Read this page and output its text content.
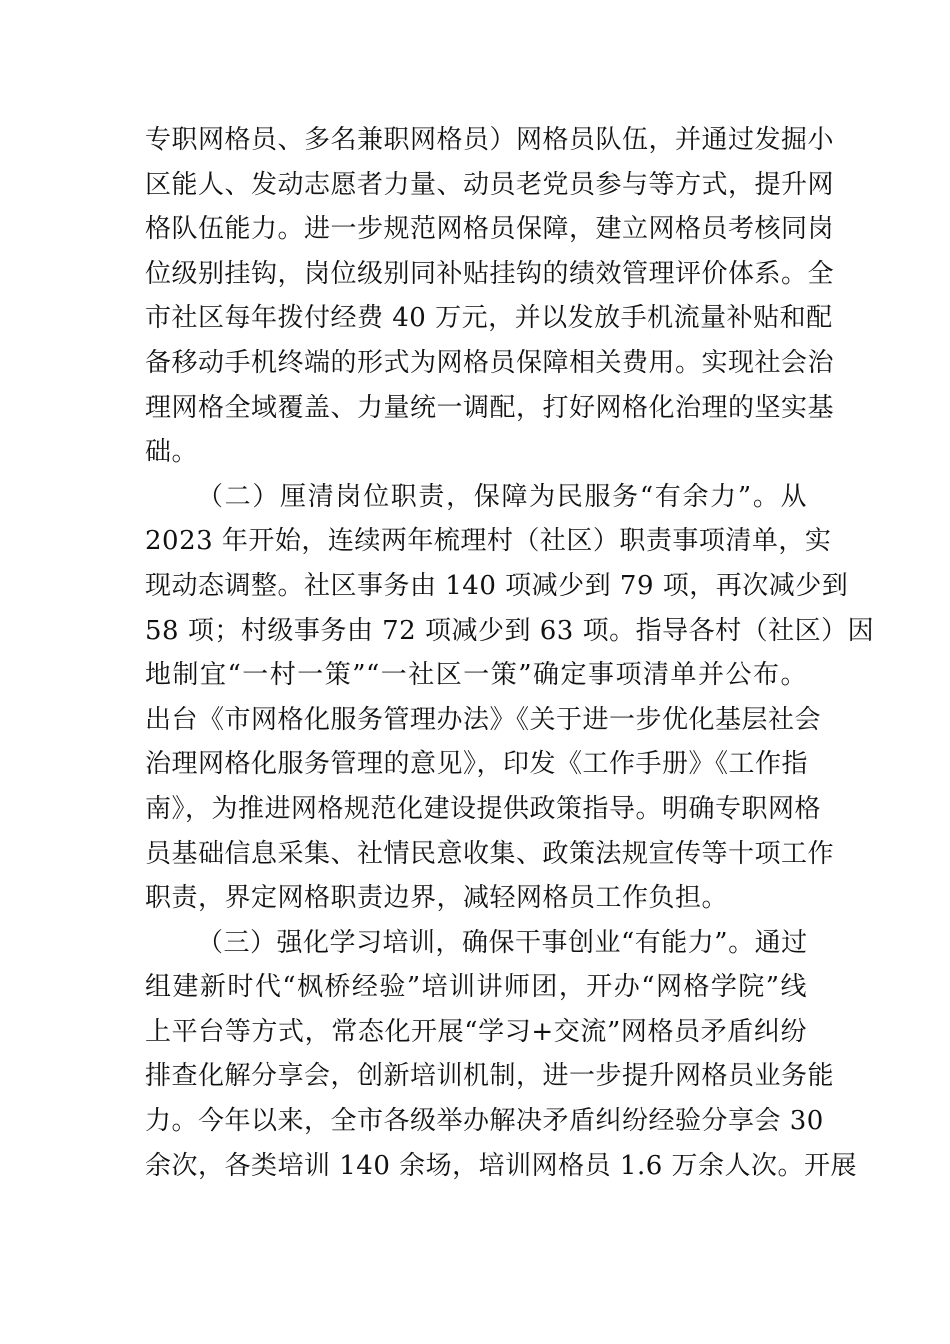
专职网格员、多名兼职网格员）网格员队伍，并通过发掘小
区能人、发动志愿者力量、动员老党员参与等方式，提升网
格队伍能力。进一步规范网格员保障，建立网格员考核同岗
位级别挂钩，岗位级别同补贴挂钩的绩效管理评价体系。全
市社区每年拨付经费 40 万元，并以发放手机流量补贴和配
备移动手机终端的形式为网格员保障相关费用。实现社会治
理网格全域覆盖、力量统一调配，打好网格化治理的坚实基
础。
（二）厘清岗位职责，保障为民服务“有余力”。从
2023 年开始，连续两年梳理村（社区）职责事项清单，实
现动态调整。社区事务由 140 项减少到 79 项，再次减少到
58 项；村级事务由 72 项减少到 63 项。指导各村（社区）因
地制宜“一村一策”“一社区一策”确定事项清单并公布。
出台《市网格化服务管理办法》《关于进一步优化基层社会
治理网格化服务管理的意见》，印发《工作手册》《工作指
南》，为推进网格规范化建设提供政策指导。明确专职网格
员基础信息采集、社情民意收集、政策法规宣传等十项工作
职责，界定网格职责边界，减轻网格员工作负担。
（三）强化学习培训，确保干事创业“有能力”。通过
组建新时代“枫桥经验”培训讲师团，开办“网格学院”线
上平台等方式，常态化开展“学习+交流”网格员矛盾纠纷
排查化解分享会，创新培训机制，进一步提升网格员业务能
力。今年以来，全市各级举办解决矛盾纠纷经验分享会 30
余次，各类培训 140 余场，培训网格员 1.6 万余人次。开展
